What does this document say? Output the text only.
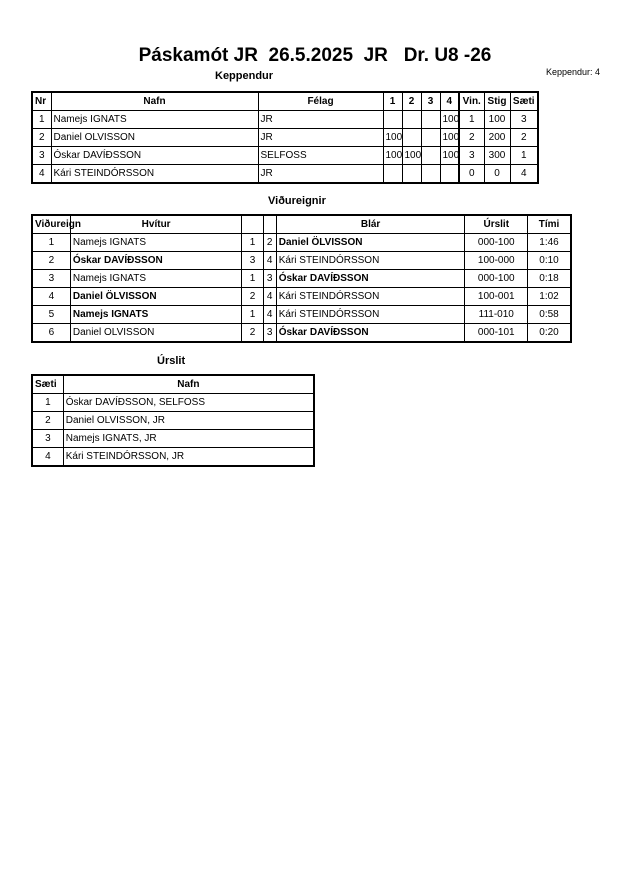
Páskamót JR  26.5.2025  JR   Dr. U8 -26
Keppendur	Keppendur: 4
Nr	Nafn	Félag	1	2	3	4	Vin.	Stig	Sæti
1	Namejs IGNATS	JR				100	1	100	3
2	Daniel OLVISSON	JR	100			100	2	200	2
3	Óskar DAVÍÐSSON	SELFOSS	100	100		100	3	300	1
4	Kári STEINDÓRSSON	JR					0	0	4
Viðureignir
Viðureign	Hvítur			Blár	Úrslit	Tími
1	Namejs IGNATS	1	2	Daniel ÖLVISSON	000-100	1:46
2	Óskar DAVÍÐSSON	3	4	Kári STEINDÓRSSON	100-000	0:10
3	Namejs IGNATS	1	3	Óskar DAVÍÐSSON	000-100	0:18
4	Daniel ÖLVISSON	2	4	Kári STEINDÓRSSON	100-001	1:02
5	Namejs IGNATS	1	4	Kári STEINDÓRSSON	111-010	0:58
6	Daniel OLVISSON	2	3	Óskar DAVÍÐSSON	000-101	0:20
Úrslit
Sæti	Nafn
1	Óskar DAVÍÐSSON, SELFOSS
2	Daniel OLVISSON, JR
3	Namejs IGNATS, JR
4	Kári STEINDÓRSSON, JR
